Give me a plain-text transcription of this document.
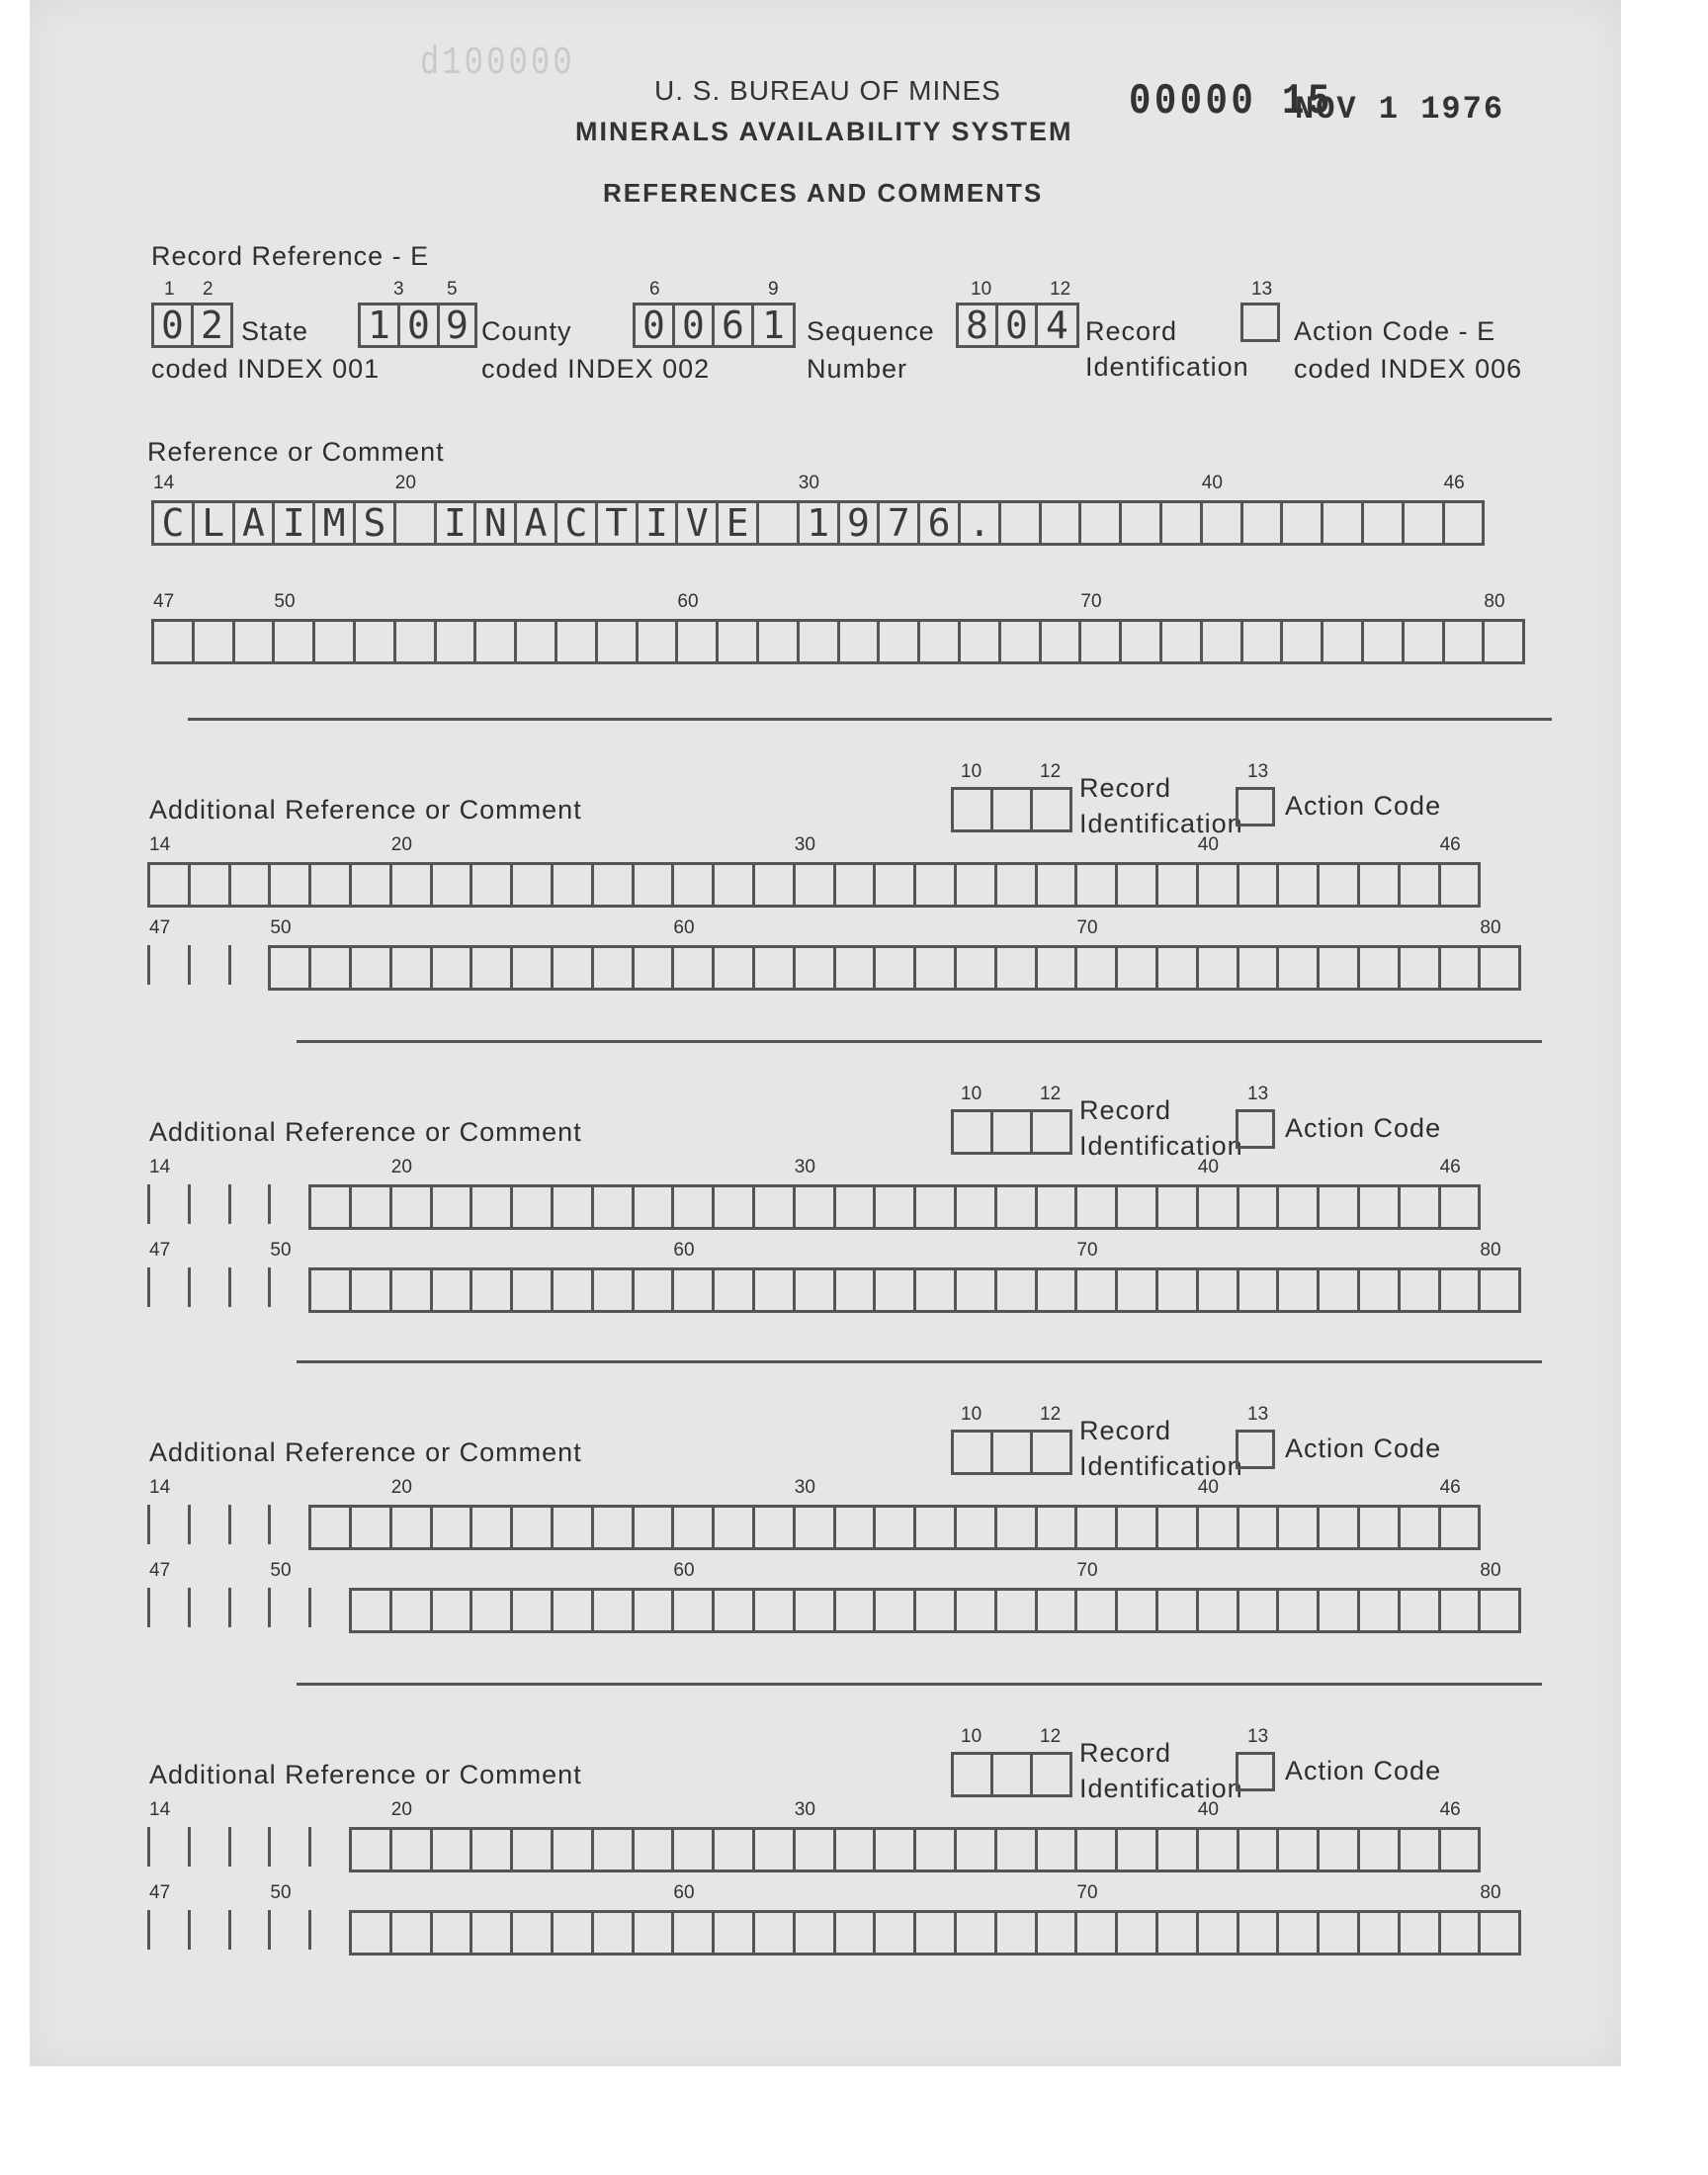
d100000
U. S. BUREAU OF MINES
MINERALS AVAILABILITY SYSTEM
00000 15
NOV 1 1976
REFERENCES AND COMMENTS
Record Reference - E
1 2
0 2 State
coded INDEX 001
3 5
1 0 9 County
coded INDEX 002
6	9
0 0 6 1 Sequence
Number
10	12
8 0 4 Record
Identification
13
Action Code - E
coded INDEX 006
Reference or Comment
14	20	30	40	46
C L A I M S I N A C T I V E 1 9 7 6 .
47	50	60	70	80
Additional Reference or Comment
10	12
Record
Identification
13
Action Code
14	20	30	40	46
47	50	60	70	80
Additional Reference or Comment
10	12
Record
Identification
13
Action Code
14	20	30	40	46
47	50	60	70	80
Additional Reference or Comment
10	12
Record
Identification
13
Action Code
14	20	30	40	46
47	50	60	70	80
Additional Reference or Comment
10	12
Record
Identification
13
Action Code
14	20	30	40	46
47	50	60	70	80
